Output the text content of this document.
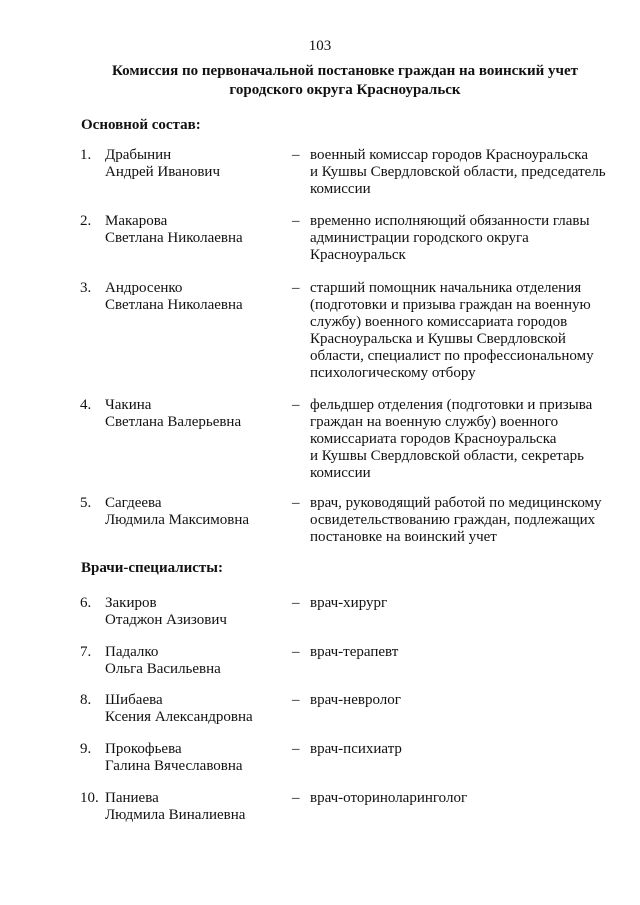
103
Комиссия по первоначальной постановке граждан на воинский учет
городского округа Красноуральск
Основной состав:
1. Драбынин
Андрей Иванович
– военный комиссар городов Красноуральска
и Кушвы Свердловской области, председатель
комиссии
2. Макарова
Светлана Николаевна
– временно исполняющий обязанности главы
администрации городского округа
Красноуральск
3. Андросенко
Светлана Николаевна
– старший помощник начальника отделения
(подготовки и призыва граждан на военную
службу) военного комиссариата городов
Красноуральска и Кушвы Свердловской
области, специалист по профессиональному
психологическому отбору
4. Чакина
Светлана Валерьевна
– фельдшер отделения (подготовки и призыва
граждан на военную службу) военного
комиссариата городов Красноуральска
и Кушвы Свердловской области, секретарь
комиссии
5. Сагдеева
Людмила Максимовна
– врач, руководящий работой по медицинскому
освидетельствованию граждан, подлежащих
постановке на воинский учет
Врачи-специалисты:
6. Закиров
Отаджон Азизович
– врач-хирург
7. Падалко
Ольга Васильевна
– врач-терапевт
8. Шибаева
Ксения Александровна
– врач-невролог
9. Прокофьева
Галина Вячеславовна
– врач-психиатр
10. Паниева
Людмила Виналиевна
– врач-оториноларинголог
